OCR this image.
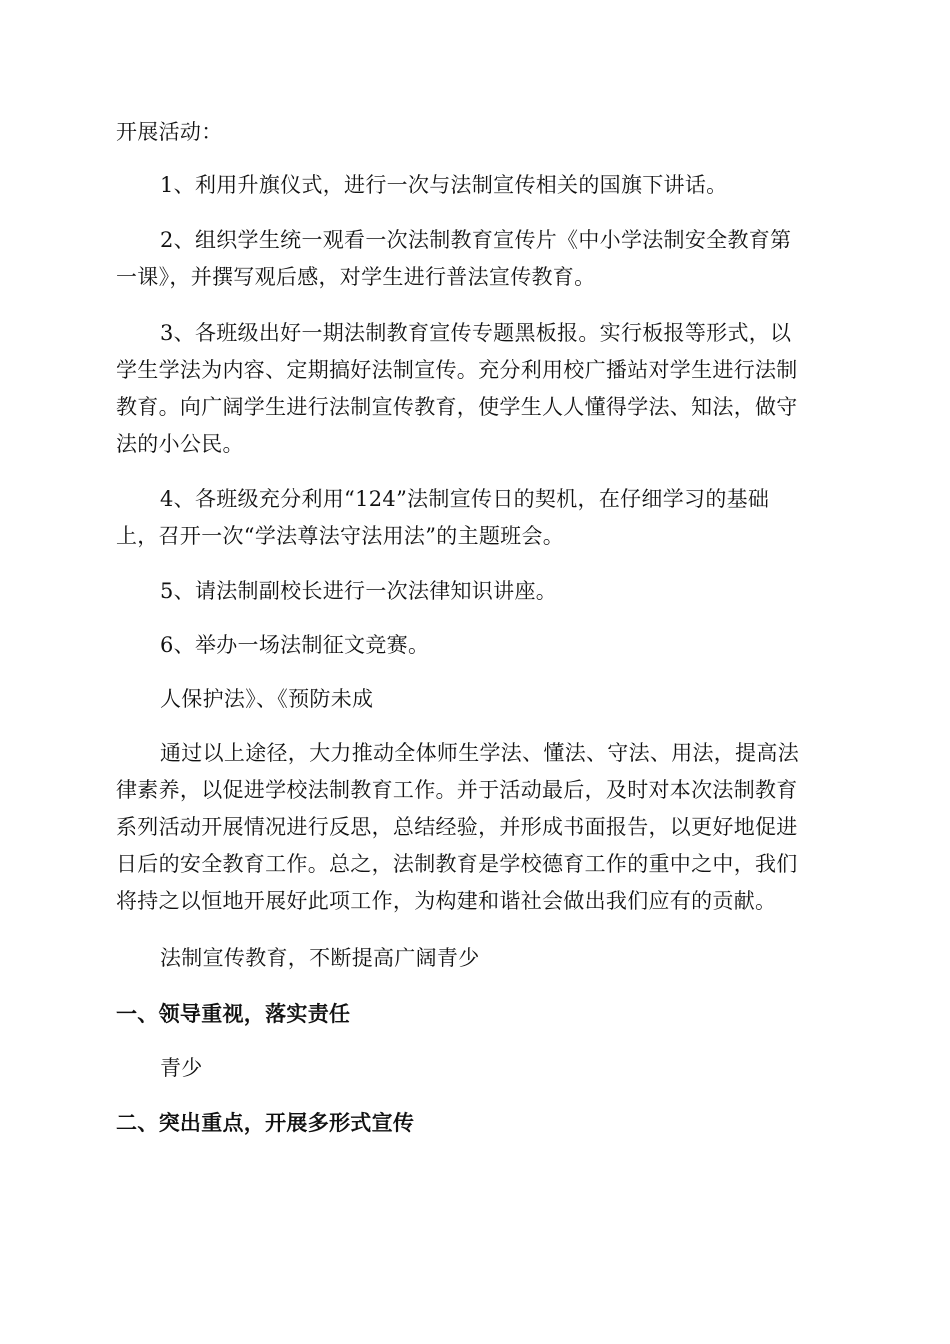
开展活动：
1、利用升旗仪式，进行一次与法制宣传相关的国旗下讲话。
2、组织学生统一观看一次法制教育宣传片《中小学法制安全教育第
一课》，并撰写观后感，对学生进行普法宣传教育。
3、各班级出好一期法制教育宣传专题黑板报。实行板报等形式，以
学生学法为内容、定期搞好法制宣传。充分利用校广播站对学生进行法制
教育。向广阔学生进行法制宣传教育，使学生人人懂得学法、知法，做守
法的小公民。
4、各班级充分利用“124”法制宣传日的契机，在仔细学习的基础
上，召开一次“学法尊法守法用法”的主题班会。
5、请法制副校长进行一次法律知识讲座。
6、举办一场法制征文竞赛。
人保护法》、《预防未成
通过以上途径，大力推动全体师生学法、懂法、守法、用法，提高法
律素养，以促进学校法制教育工作。并于活动最后，及时对本次法制教育
系列活动开展情况进行反思，总结经验，并形成书面报告，以更好地促进
日后的安全教育工作。总之，法制教育是学校德育工作的重中之中，我们
将持之以恒地开展好此项工作，为构建和谐社会做出我们应有的贡献。
法制宣传教育，不断提高广阔青少
一、领导重视，落实责任
青少
二、突出重点，开展多形式宣传
